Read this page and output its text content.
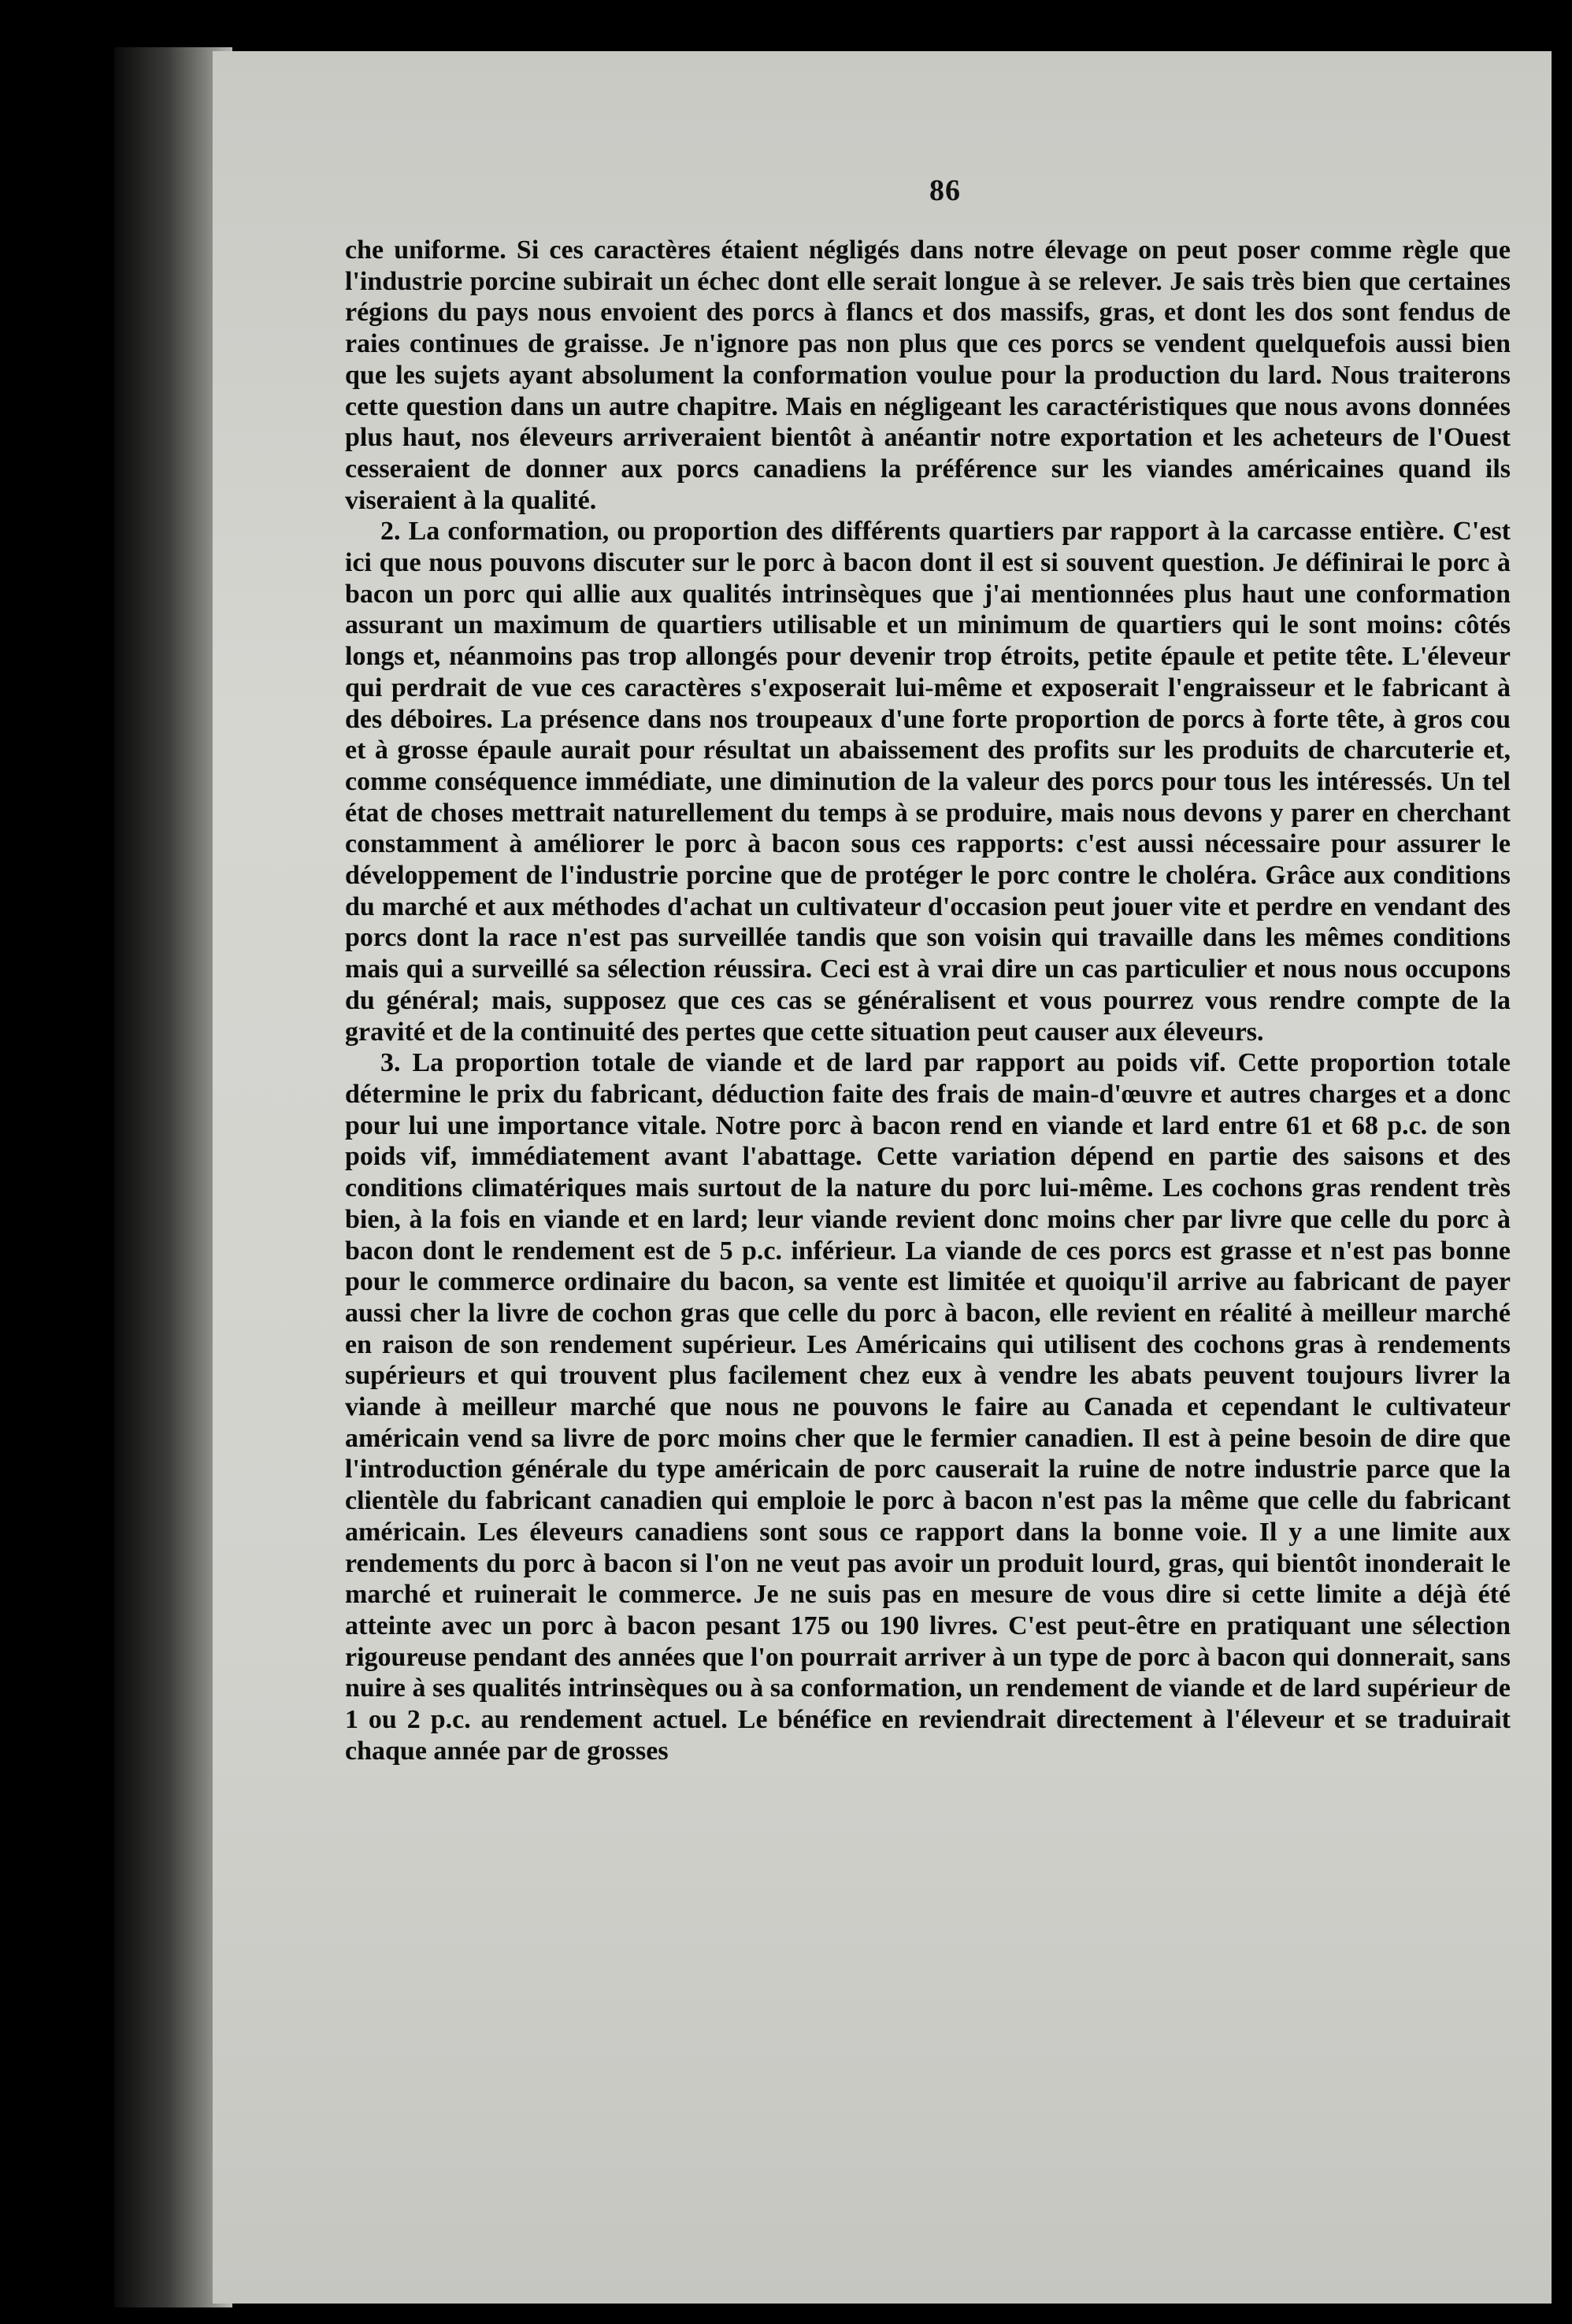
86

che uniforme. Si ces caractères étaient négligés dans notre élevage on peut poser comme règle que l'industrie porcine subirait un échec dont elle serait longue à se relever. Je sais très bien que certaines régions du pays nous envoient des porcs à flancs et dos massifs, gras, et dont les dos sont fendus de raies continues de graisse. Je n'ignore pas non plus que ces porcs se vendent quelquefois aussi bien que les sujets ayant absolument la conformation voulue pour la production du lard. Nous traiterons cette question dans un autre chapitre. Mais en négligeant les caractéristiques que nous avons données plus haut, nos éleveurs arriveraient bientôt à anéantir notre exportation et les acheteurs de l'Ouest cesseraient de donner aux porcs canadiens la préférence sur les viandes américaines quand ils viseraient à la qualité.

2. La conformation, ou proportion des différents quartiers par rapport à la carcasse entière. C'est ici que nous pouvons discuter sur le porc à bacon dont il est si souvent question. Je définirai le porc à bacon un porc qui allie aux qualités intrinsèques que j'ai mentionnées plus haut une conformation assurant un maximum de quartiers utilisable et un minimum de quartiers qui le sont moins: côtés longs et, néanmoins pas trop allongés pour devenir trop étroits, petite épaule et petite tête. L'éleveur qui perdrait de vue ces caractères s'exposerait lui-même et exposerait l'engraisseur et le fabricant à des déboires. La présence dans nos troupeaux d'une forte proportion de porcs à forte tête, à gros cou et à grosse épaule aurait pour résultat un abaissement des profits sur les produits de charcuterie et, comme conséquence immédiate, une diminution de la valeur des porcs pour tous les intéressés. Un tel état de choses mettrait naturellement du temps à se produire, mais nous devons y parer en cherchant constamment à améliorer le porc à bacon sous ces rapports: c'est aussi nécessaire pour assurer le développement de l'industrie porcine que de protéger le porc contre le choléra. Grâce aux conditions du marché et aux méthodes d'achat un cultivateur d'occasion peut jouer vite et perdre en vendant des porcs dont la race n'est pas surveillée tandis que son voisin qui travaille dans les mêmes conditions mais qui a surveillé sa sélection réussira. Ceci est à vrai dire un cas particulier et nous nous occupons du général; mais, supposez que ces cas se généralisent et vous pourrez vous rendre compte de la gravité et de la continuité des pertes que cette situation peut causer aux éleveurs.

3. La proportion totale de viande et de lard par rapport au poids vif. Cette proportion totale détermine le prix du fabricant, déduction faite des frais de main-d'œuvre et autres charges et a donc pour lui une importance vitale. Notre porc à bacon rend en viande et lard entre 61 et 68 p.c. de son poids vif, immédiatement avant l'abattage. Cette variation dépend en partie des saisons et des conditions climatériques mais surtout de la nature du porc lui-même. Les cochons gras rendent très bien, à la fois en viande et en lard; leur viande revient donc moins cher par livre que celle du porc à bacon dont le rendement est de 5 p.c. inférieur. La viande de ces porcs est grasse et n'est pas bonne pour le commerce ordinaire du bacon, sa vente est limitée et quoiqu'il arrive au fabricant de payer aussi cher la livre de cochon gras que celle du porc à bacon, elle revient en réalité à meilleur marché en raison de son rendement supérieur. Les Américains qui utilisent des cochons gras à rendements supérieurs et qui trouvent plus facilement chez eux à vendre les abats peuvent toujours livrer la viande à meilleur marché que nous ne pouvons le faire au Canada et cependant le cultivateur américain vend sa livre de porc moins cher que le fermier canadien. Il est à peine besoin de dire que l'introduction générale du type américain de porc causerait la ruine de notre industrie parce que la clientèle du fabricant canadien qui emploie le porc à bacon n'est pas la même que celle du fabricant américain. Les éleveurs canadiens sont sous ce rapport dans la bonne voie. Il y a une limite aux rendements du porc à bacon si l'on ne veut pas avoir un produit lourd, gras, qui bientôt inonderait le marché et ruinerait le commerce. Je ne suis pas en mesure de vous dire si cette limite a déjà été atteinte avec un porc à bacon pesant 175 ou 190 livres. C'est peut-être en pratiquant une sélection rigoureuse pendant des années que l'on pourrait arriver à un type de porc à bacon qui donnerait, sans nuire à ses qualités intrinsèques ou à sa conformation, un rendement de viande et de lard supérieur de 1 ou 2 p.c. au rendement actuel. Le bénéfice en reviendrait directement à l'éleveur et se traduirait chaque année par de grosses
